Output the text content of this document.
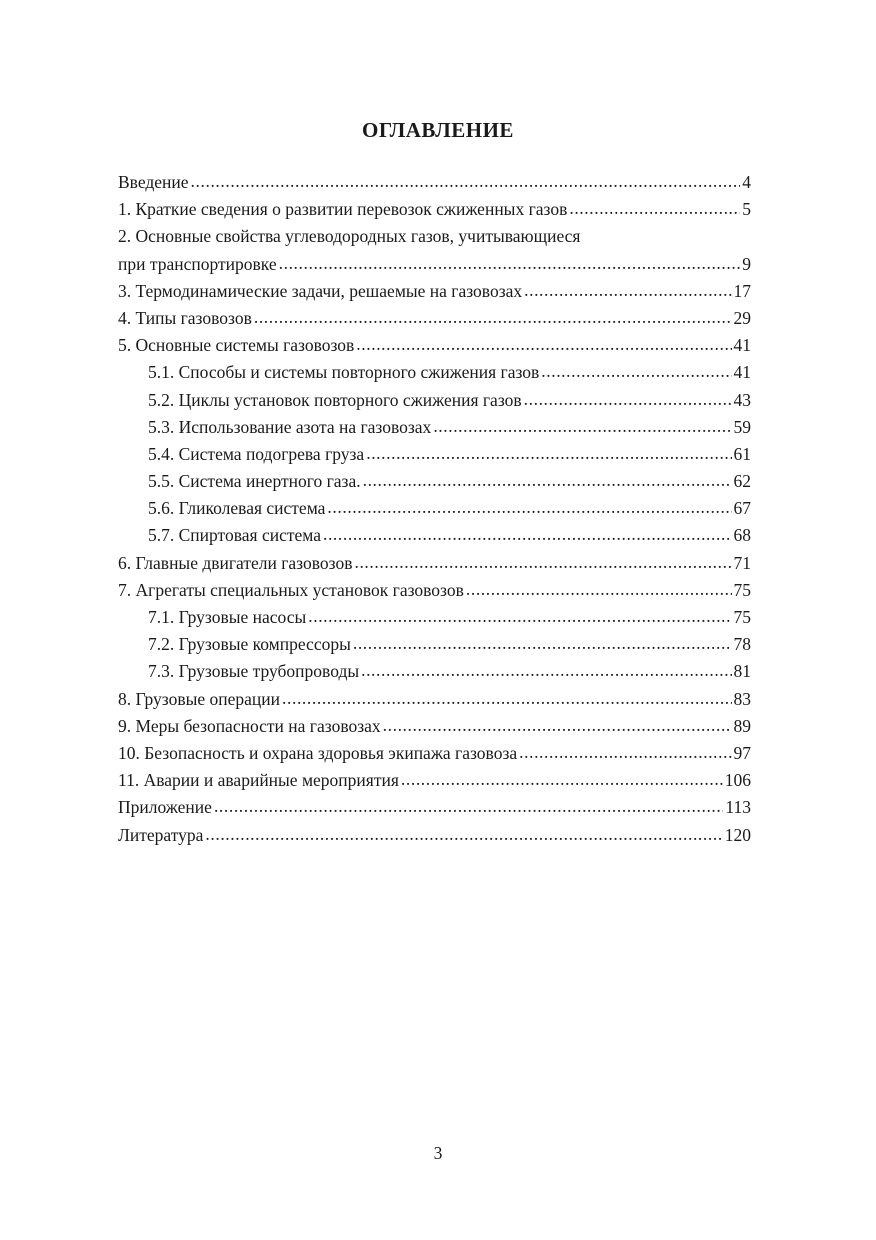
ОГЛАВЛЕНИЕ
Введение .....	4
1. Краткие сведения о развитии перевозок сжиженных газов .....	5
2. Основные свойства углеводородных газов, учитывающиеся
при транспортировке .....	9
3. Термодинамические задачи, решаемые на газовозах .....	17
4. Типы газовозов .....	29
5. Основные системы газовозов .....	41
5.1. Способы и системы повторного сжижения газов .....	41
5.2. Циклы установок повторного сжижения газов .....	43
5.3. Использование азота на газовозах .....	59
5.4. Система подогрева груза .....	61
5.5. Система инертного газа. .....	62
5.6. Гликолевая система .....	67
5.7. Спиртовая система .....	68
6. Главные двигатели газовозов .....	71
7. Агрегаты специальных установок газовозов .....	75
7.1. Грузовые насосы .....	75
7.2. Грузовые компрессоры .....	78
7.3. Грузовые трубопроводы .....	81
8. Грузовые операции .....	83
9. Меры безопасности на газовозах .....	89
10. Безопасность и охрана здоровья экипажа газовоза .....	97
11. Аварии и аварийные мероприятия .....	106
Приложение .....	113
Литература .....	120
3
